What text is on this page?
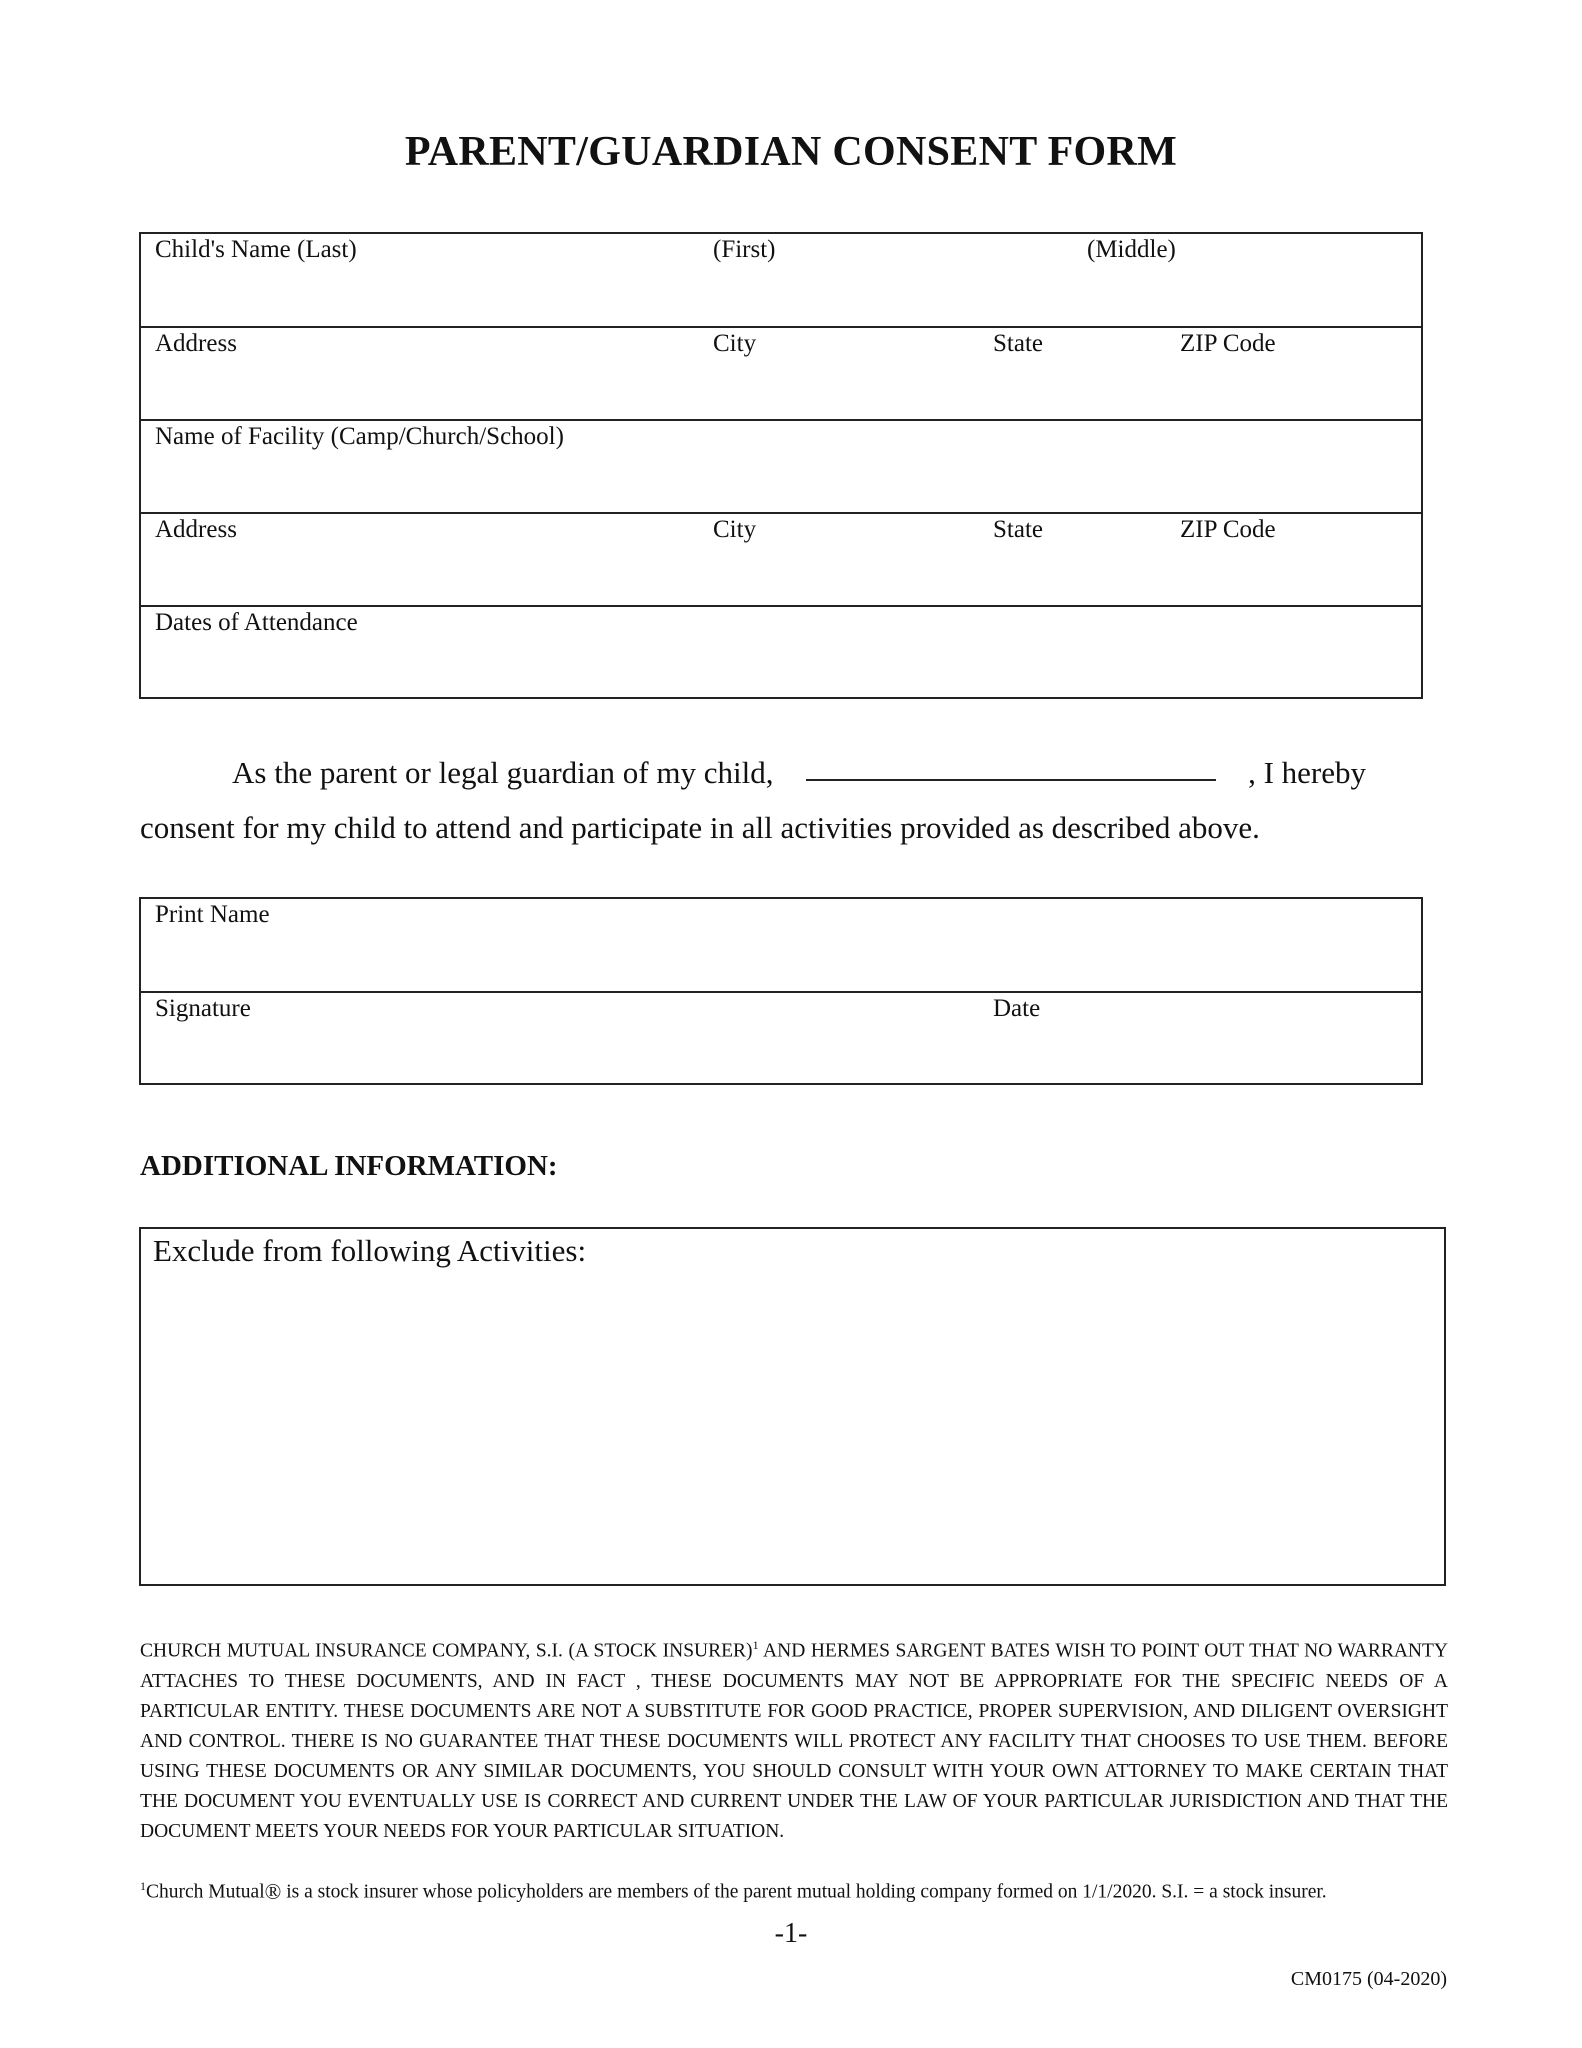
PARENT/GUARDIAN CONSENT FORM
Child's Name (Last)	(First)	(Middle)
Address	City	State	ZIP Code
Name of Facility (Camp/Church/School)
Address	City	State	ZIP Code
Dates of Attendance
As the parent or legal guardian of my child,	, I hereby
consent for my child to attend and participate in all activities provided as described above.
Print Name
Signature	Date
ADDITIONAL INFORMATION:
Exclude from following Activities:
CHURCH MUTUAL INSURANCE COMPANY, S.I. (A STOCK INSURER)$^1$ AND HERMES SARGENT BATES WISH TO POINT OUT THAT NO WARRANTY ATTACHES TO THESE DOCUMENTS, AND IN FACT , THESE DOCUMENTS MAY NOT BE APPROPRIATE FOR THE SPECIFIC NEEDS OF A PARTICULAR ENTITY. THESE DOCUMENTS ARE NOT A SUBSTITUTE FOR GOOD PRACTICE, PROPER SUPERVISION, AND DILIGENT OVERSIGHT AND CONTROL. THERE IS NO GUARANTEE THAT THESE DOCUMENTS WILL PROTECT ANY FACILITY THAT CHOOSES TO USE THEM. BEFORE USING THESE DOCUMENTS OR ANY SIMILAR DOCUMENTS, YOU SHOULD CONSULT WITH YOUR OWN ATTORNEY TO MAKE CERTAIN THAT THE DOCUMENT YOU EVENTUALLY USE IS CORRECT AND CURRENT UNDER THE LAW OF YOUR PARTICULAR JURISDICTION AND THAT THE DOCUMENT MEETS YOUR NEEDS FOR YOUR PARTICULAR SITUATION.
$^1$Church Mutual® is a stock insurer whose policyholders are members of the parent mutual holding company formed on 1/1/2020. S.I. = a stock insurer.
-1-
CM0175 (04-2020)
